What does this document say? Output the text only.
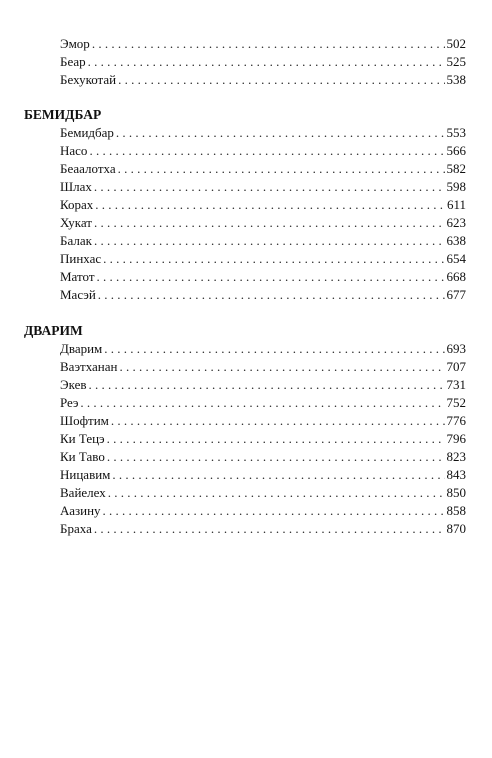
Эмор . . .	502
Беар . . .	525
Бехукотай . . .	538
БЕМИДБАР
Бемидбар . . .	553
Насо . . .	566
Беаалотха . . .	582
Шлах . . .	598
Корах . . .	611
Хукат . . .	623
Балак . . .	638
Пинхас . . .	654
Матот . . .	668
Масэй . . .	677
ДВАРИМ
Дварим . . .	693
Ваэтханан . . .	707
Экев . . .	731
Реэ . . .	752
Шофтим . . .	776
Ки Тецэ . . .	796
Ки Таво . . .	823
Ницавим . . .	843
Вайелех . . .	850
Аазину . . .	858
Браха . . .	870
